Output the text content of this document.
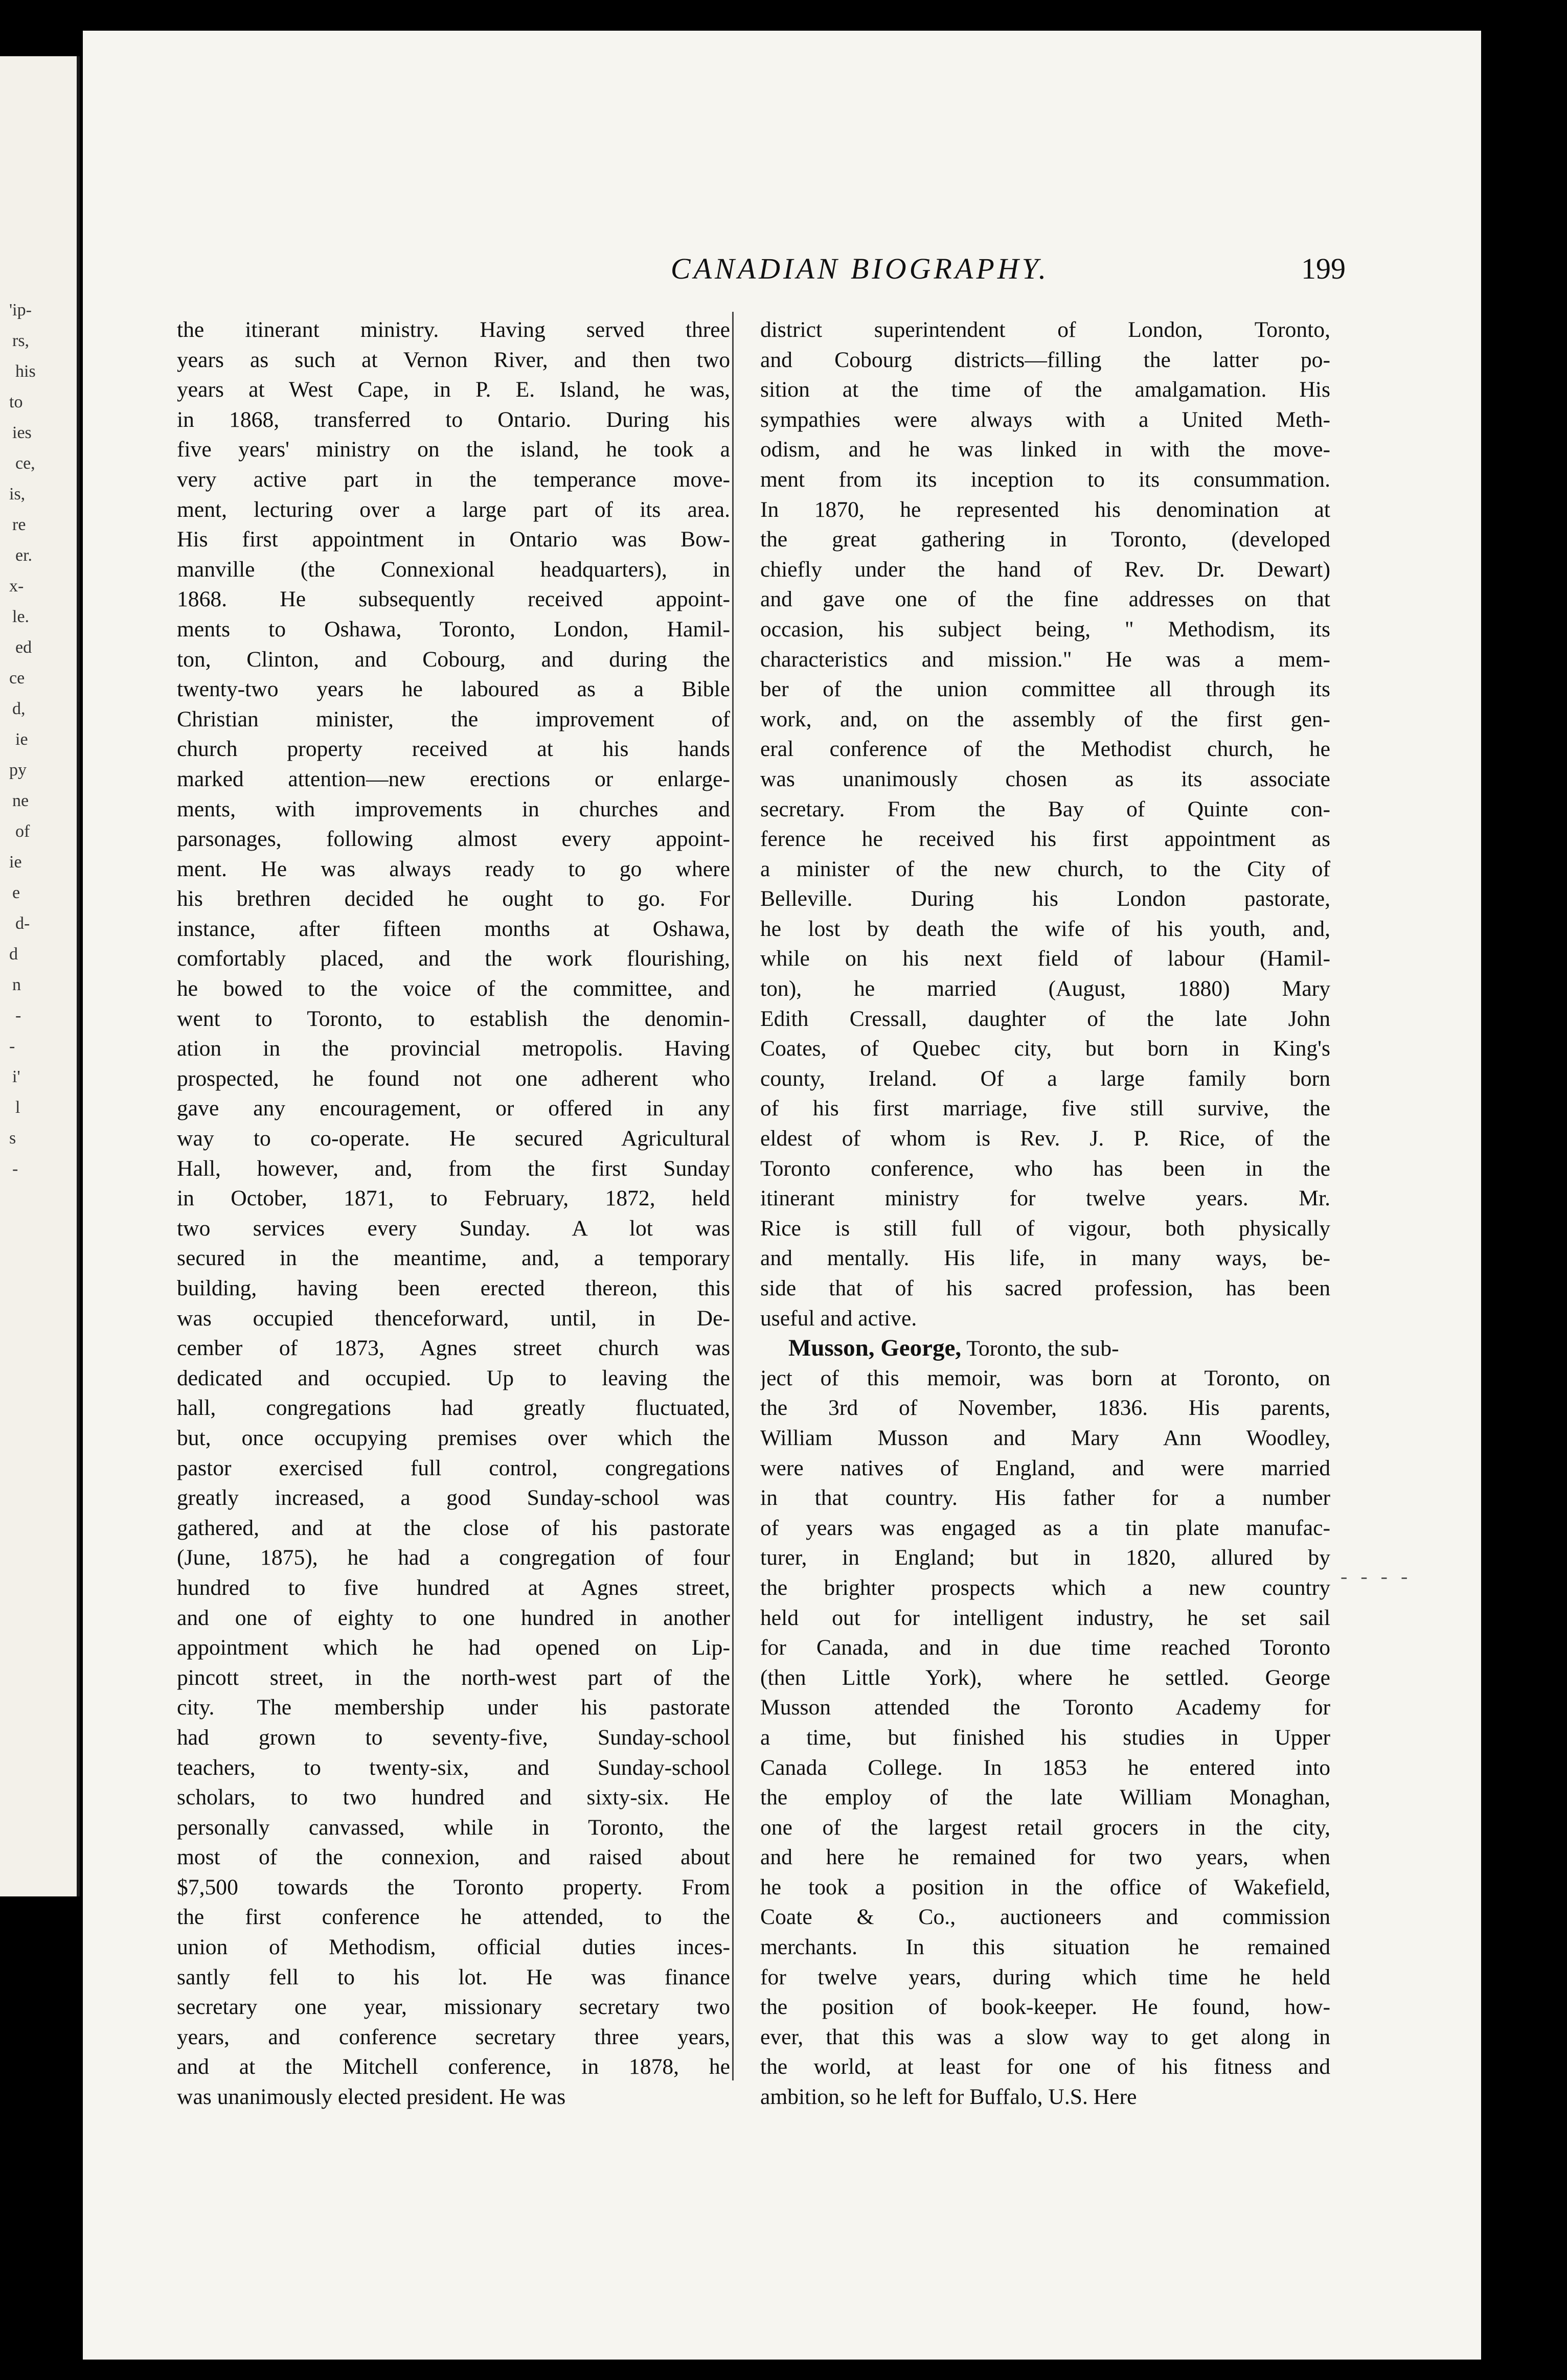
'ip-
rs,
his
to
ies
ce,
is,
re
er.
x-
le.
ed
ce
d,
ie
py
ne
of
ie
e
d-
d
n
-
-
i'
l
s
-
CANADIAN BIOGRAPHY.	199
the itinerant ministry. Having served three
years as such at Vernon River, and then two
years at West Cape, in P. E. Island, he was,
in 1868, transferred to Ontario. During his
five years' ministry on the island, he took a
very active part in the temperance move-
ment, lecturing over a large part of its area.
His first appointment in Ontario was Bow-
manville (the Connexional headquarters), in
1868. He subsequently received appoint-
ments to Oshawa, Toronto, London, Hamil-
ton, Clinton, and Cobourg, and during the
twenty-two years he laboured as a Bible
Christian minister, the improvement of
church property received at his hands
marked attention—new erections or enlarge-
ments, with improvements in churches and
parsonages, following almost every appoint-
ment. He was always ready to go where
his brethren decided he ought to go. For
instance, after fifteen months at Oshawa,
comfortably placed, and the work flourishing,
he bowed to the voice of the committee, and
went to Toronto, to establish the denomin-
ation in the provincial metropolis. Having
prospected, he found not one adherent who
gave any encouragement, or offered in any
way to co-operate. He secured Agricultural
Hall, however, and, from the first Sunday
in October, 1871, to February, 1872, held
two services every Sunday. A lot was
secured in the meantime, and, a temporary
building, having been erected thereon, this
was occupied thenceforward, until, in De-
cember of 1873, Agnes street church was
dedicated and occupied. Up to leaving the
hall, congregations had greatly fluctuated,
but, once occupying premises over which the
pastor exercised full control, congregations
greatly increased, a good Sunday-school was
gathered, and at the close of his pastorate
(June, 1875), he had a congregation of four
hundred to five hundred at Agnes street,
and one of eighty to one hundred in another
appointment which he had opened on Lip-
pincott street, in the north-west part of the
city. The membership under his pastorate
had grown to seventy-five, Sunday-school
teachers, to twenty-six, and Sunday-school
scholars, to two hundred and sixty-six. He
personally canvassed, while in Toronto, the
most of the connexion, and raised about
$7,500 towards the Toronto property. From
the first conference he attended, to the
union of Methodism, official duties inces-
santly fell to his lot. He was finance
secretary one year, missionary secretary two
years, and conference secretary three years,
and at the Mitchell conference, in 1878, he
was unanimously elected president. He was
district superintendent of London, Toronto,
and Cobourg districts—filling the latter po-
sition at the time of the amalgamation. His
sympathies were always with a United Meth-
odism, and he was linked in with the move-
ment from its inception to its consummation.
In 1870, he represented his denomination at
the great gathering in Toronto, (developed
chiefly under the hand of Rev. Dr. Dewart)
and gave one of the fine addresses on that
occasion, his subject being, " Methodism, its
characteristics and mission." He was a mem-
ber of the union committee all through its
work, and, on the assembly of the first gen-
eral conference of the Methodist church, he
was unanimously chosen as its associate
secretary. From the Bay of Quinte con-
ference he received his first appointment as
a minister of the new church, to the City of
Belleville. During his London pastorate,
he lost by death the wife of his youth, and,
while on his next field of labour (Hamil-
ton), he married (August, 1880) Mary
Edith Cressall, daughter of the late John
Coates, of Quebec city, but born in King's
county, Ireland. Of a large family born
of his first marriage, five still survive, the
eldest of whom is Rev. J. P. Rice, of the
Toronto conference, who has been in the
itinerant ministry for twelve years. Mr.
Rice is still full of vigour, both physically
and mentally. His life, in many ways, be-
side that of his sacred profession, has been
useful and active.
Musson, George, Toronto, the sub-
ject of this memoir, was born at Toronto, on
the 3rd of November, 1836. His parents,
William Musson and Mary Ann Woodley,
were natives of England, and were married
in that country. His father for a number
of years was engaged as a tin plate manufac-
turer, in England; but in 1820, allured by
the brighter prospects which a new country
held out for intelligent industry, he set sail
for Canada, and in due time reached Toronto
(then Little York), where he settled. George
Musson attended the Toronto Academy for
a time, but finished his studies in Upper
Canada College. In 1853 he entered into
the employ of the late William Monaghan,
one of the largest retail grocers in the city,
and here he remained for two years, when
he took a position in the office of Wakefield,
Coate & Co., auctioneers and commission
merchants. In this situation he remained
for twelve years, during which time he held
the position of book-keeper. He found, how-
ever, that this was a slow way to get along in
the world, at least for one of his fitness and
ambition, so he left for Buffalo, U.S. Here
- - - -
